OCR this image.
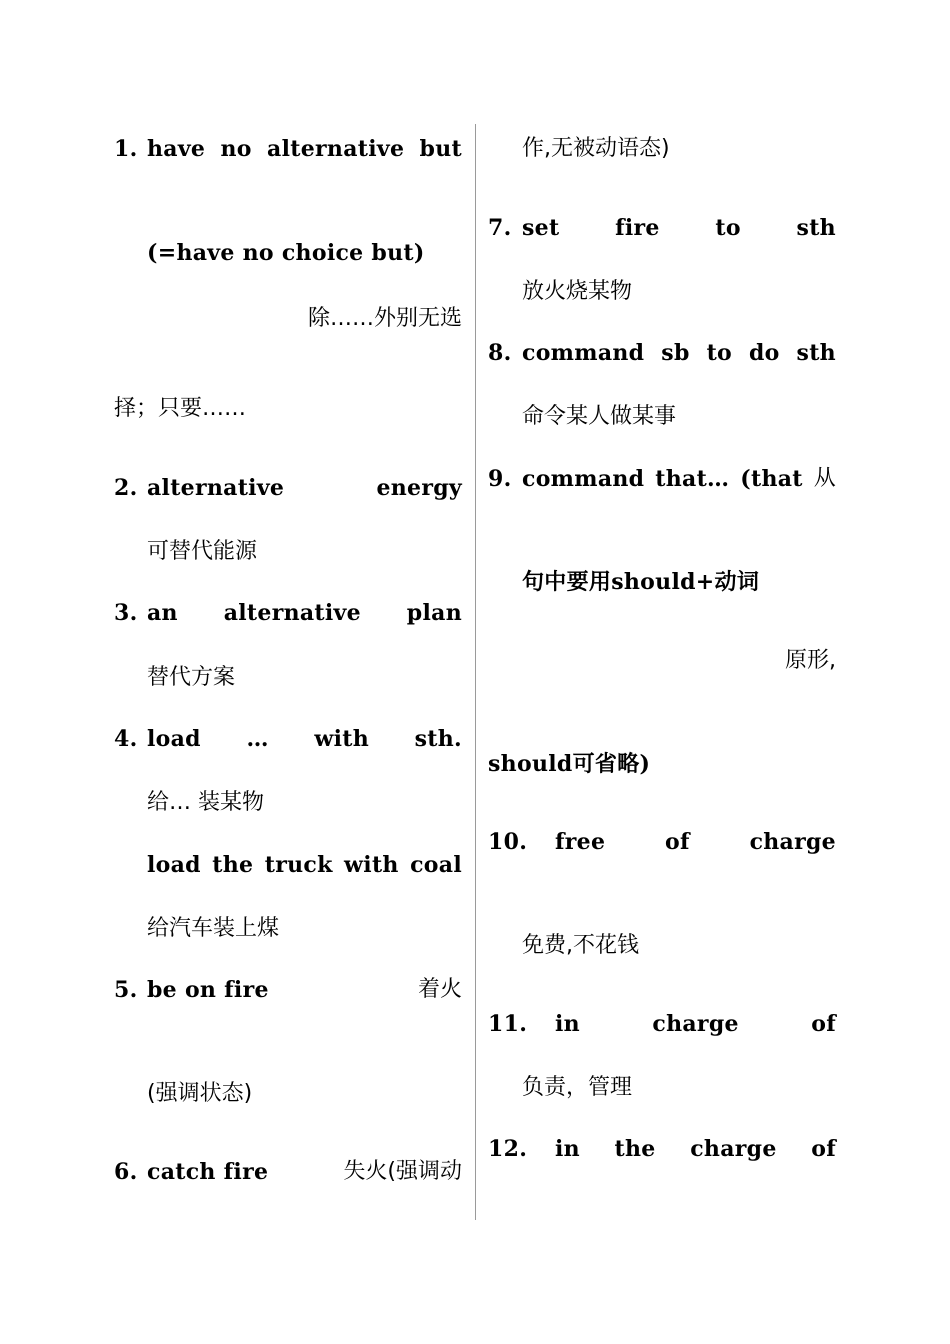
1. have no alternative but
(=have no choice but)
除……外别无选
择；只要……
2. alternative	energy
可替代能源
3. an alternative plan
替代方案
4. load … with sth.
给… 装某物
load the truck with coal
给汽车装上煤
5. be on fire	着火
(强调状态)
6. catch fire	失火(强调动
作,无被动语态)
7. set	fire	to	sth
放火烧某物
8. command sb to do sth
命令某人做某事
9. command that… (that 从
句中要用should+动词
原形,
should可省略)
10. free	of	charge
免费,不花钱
11. in	charge	of
负责，管理
12. in the charge of
